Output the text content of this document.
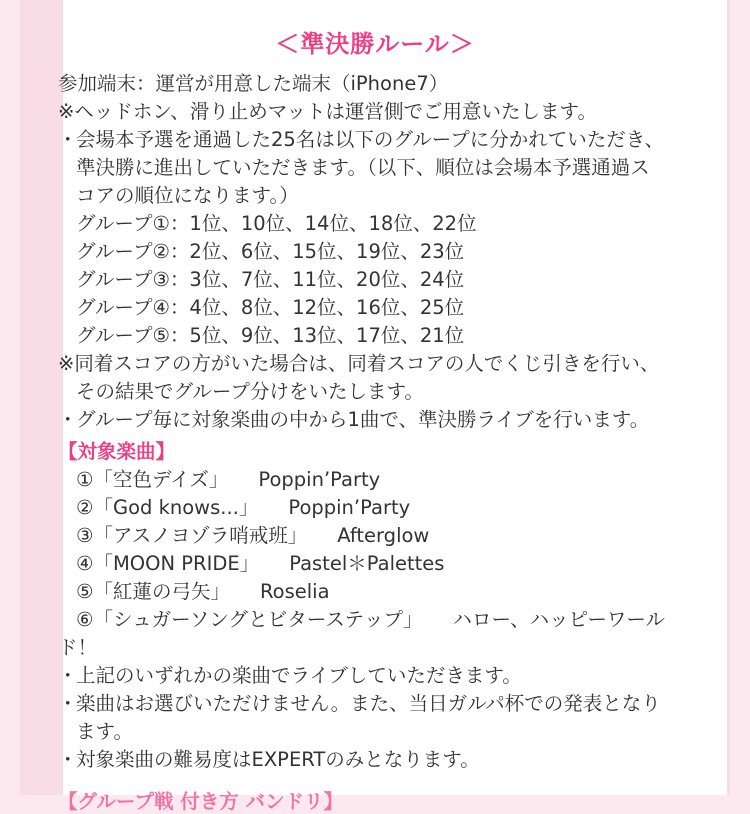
＜準決勝ルール＞
参加端末：運営が用意した端末（iPhone7）
※ヘッドホン、滑り止めマットは運営側でご用意いたします。
・
会場本予選を通過した25名は以下のグループに分かれていただき、
準決勝に進出していただきます。（以下、順位は会場本予選通過ス
コアの順位になります。）
グループ①：1位、10位、14位、18位、22位
グループ②：2位、6位、15位、19位、23位
グループ③：3位、7位、11位、20位、24位
グループ④：4位、8位、12位、16位、25位
グループ⑤：5位、9位、13位、17位、21位
※同着スコアの方がいた場合は、同着スコアの人でくじ引きを行い、
その結果でグループ分けをいたします。
・
グループ毎に対象楽曲の中から1曲で、準決勝ライブを行います。
【対象楽曲】
①「空色デイズ」 Poppin’Party
②「God knows...」 Poppin’Party
③「アスノヨゾラ哨戒班」 Afterglow
④「MOON PRIDE」 Pastel＊Palettes
⑤「紅蓮の弓矢」 Roselia
⑥「シュガーソングとビターステップ」 ハロー、ハッピーワール
ド！
・
上記のいずれかの楽曲でライブしていただきます。
・
楽曲はお選びいただけません。また、当日ガルパ杯での発表となり
ます。
・
対象楽曲の難易度はEXPERTのみとなります。
【グループ戦 付き方 バンドリ】
